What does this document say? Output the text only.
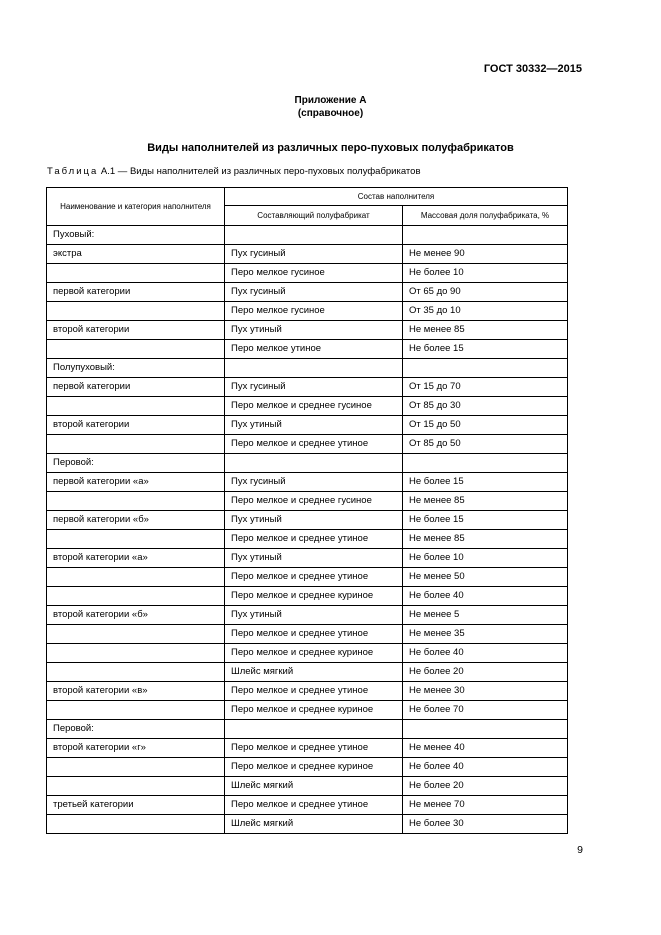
ГОСТ 30332—2015
Приложение А
(справочное)
Виды наполнителей из различных перо-пуховых полуфабрикатов
Таблица А.1 — Виды наполнителей из различных перо-пуховых полуфабрикатов
Наименование и категория наполнителя	Состав наполнителя	
	Составляющий полуфабрикат	Массовая доля полуфабриката, %
Пуховый:		
экстра	Пух гусиный	Не менее 90
	Перо мелкое гусиное	Не более 10
первой категории	Пух гусиный	От 65 до 90
	Перо мелкое гусиное	От 35 до 10
второй категории	Пух утиный	Не менее 85
	Перо мелкое утиное	Не более 15
Полупуховый:		
первой категории	Пух гусиный	От 15 до 70
	Перо мелкое и среднее гусиное	От 85 до 30
второй категории	Пух утиный	От 15 до 50
	Перо мелкое и среднее утиное	От 85 до 50
Перовой:		
первой категории «а»	Пух гусиный	Не более 15
	Перо мелкое и среднее гусиное	Не менее 85
первой категории «б»	Пух утиный	Не более 15
	Перо мелкое и среднее утиное	Не менее 85
второй категории «а»	Пух утиный	Не более 10
	Перо мелкое и среднее утиное	Не менее 50
	Перо мелкое и среднее куриное	Не более 40
второй категории «б»	Пух утиный	Не менее 5
	Перо мелкое и среднее утиное	Не менее 35
	Перо мелкое и среднее куриное	Не более 40
	Шлейс мягкий	Не более 20
второй категории «в»	Перо мелкое и среднее утиное	Не менее 30
	Перо мелкое и среднее куриное	Не более 70
Перовой:		
второй категории «г»	Перо мелкое и среднее утиное	Не менее 40
	Перо мелкое и среднее куриное	Не более 40
	Шлейс мягкий	Не более 20
третьей категории	Перо мелкое и среднее утиное	Не менее 70
	Шлейс мягкий	Не более 30
9
